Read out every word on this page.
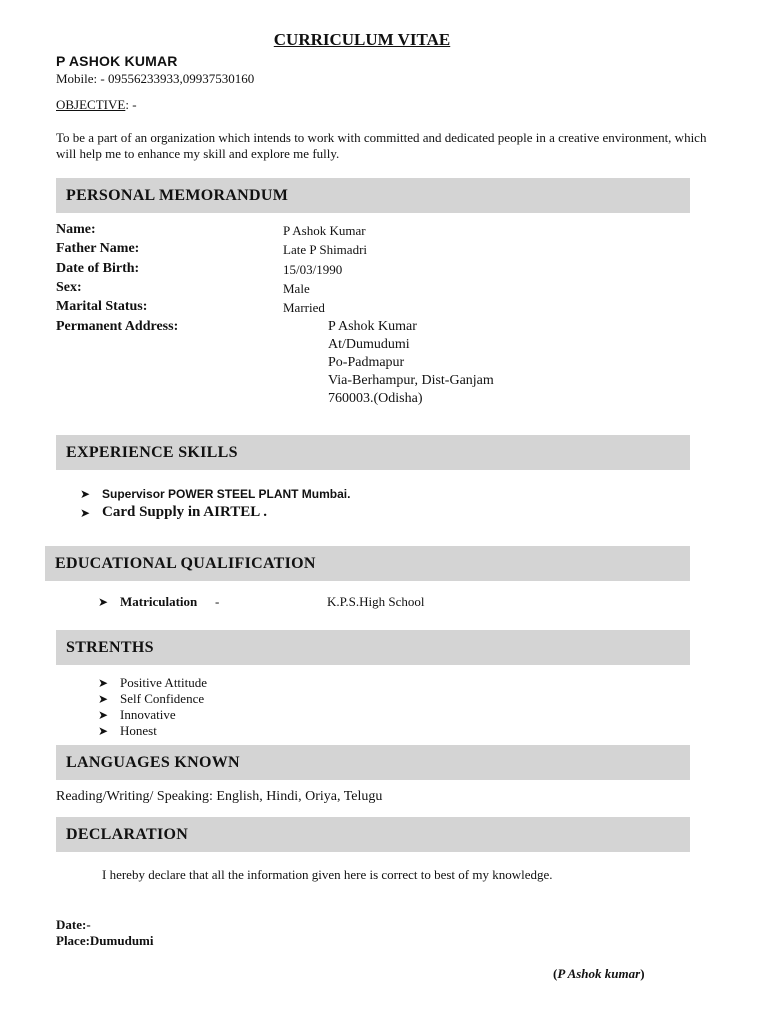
CURRICULUM VITAE
P ASHOK KUMAR
Mobile: - 09556233933,09937530160
OBJECTIVE: -
To be a part of an organization which intends to work with committed and dedicated people in a creative environment, which will help me to enhance my skill and explore me fully.
PERSONAL MEMORANDUM
Name:	P Ashok Kumar
Father Name:	Late P Shimadri
Date of Birth:	15/03/1990
Sex:	Male
Marital Status:	Married
Permanent Address:	P Ashok Kumar
At/Dumudumi
Po-Padmapur
Via-Berhampur, Dist-Ganjam
760003.(Odisha)
EXPERIENCE SKILLS
➤ Supervisor POWER STEEL PLANT Mumbai.
➤ Card Supply in AIRTEL .
EDUCATIONAL QUALIFICATION
➤ Matriculation -	K.P.S.High School
STRENTHS
➤ Positive Attitude
➤ Self Confidence
➤ Innovative
➤ Honest
LANGUAGES KNOWN
Reading/Writing/ Speaking: English, Hindi, Oriya, Telugu
DECLARATION
I hereby declare that all the information given here is correct to best of my knowledge.
Date:-
Place:Dumudumi
(P Ashok kumar)
